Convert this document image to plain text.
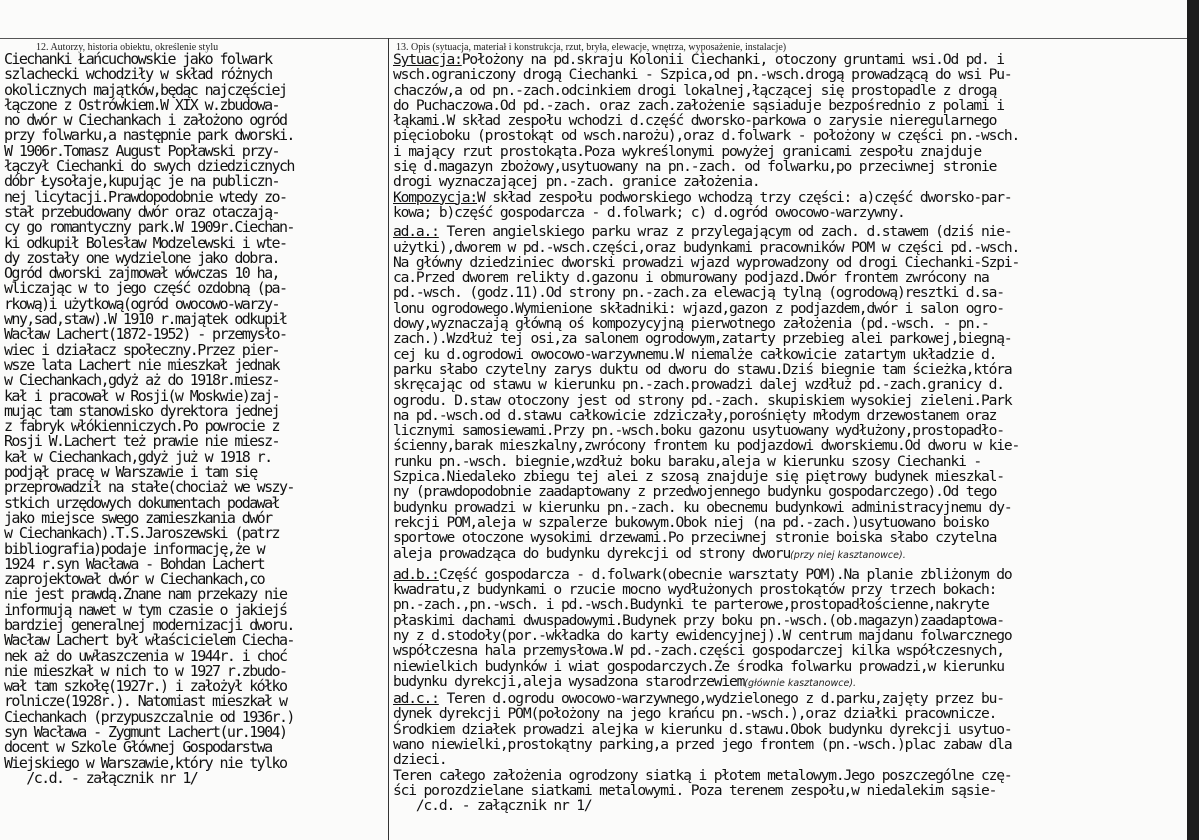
12. Autorzy, historia obiektu, określenie stylu	13. Opis (sytuacja, materiał i konstrukcja, rzut, bryła, elewacje, wnętrza, wyposażenie, instalacje)
Ciechanki Łańcuchowskie jako folwark
szlachecki wchodziły w skład różnych
okolicznych majątków,będąc najczęściej
łączone z Ostrówkiem.W XIX w.zbudowa-
no dwór w Ciechankach i założono ogród
przy folwarku,a następnie park dworski.
W 1906r.Tomasz August Popławski przy-
łączył Ciechanki do swych dziedzicznych
dóbr Łysołaje,kupując je na publiczn-
nej licytacji.Prawdopodobnie wtedy zo-
stał przebudowany dwór oraz otaczają-
cy go romantyczny park.W 1909r.Ciechan-
ki odkupił Bolesław Modzelewski i wte-
dy zostały one wydzielone jako dobra.
Ogród dworski zajmował wówczas 10 ha,
wliczając w to jego część ozdobną (pa-
rkową)i użytkową(ogród owocowo-warzy-
wny,sad,staw).W 1910 r.majątek odkupił
Wacław Lachert(1872-1952) - przemysło-
wiec i działacz społeczny.Przez pier-
wsze lata Lachert nie mieszkał jednak
w Ciechankach,gdyż aż do 1918r.miesz-
kał i pracował w Rosji(w Moskwie)zaj-
mując tam stanowisko dyrektora jednej
z fabryk włókienniczych.Po powrocie z
Rosji W.Lachert też prawie nie miesz-
kał w Ciechankach,gdyż już w 1918 r.
podjął pracę w Warszawie i tam się
przeprowadził na stałe(chociaż we wszy-
stkich urzędowych dokumentach podawał
jako miejsce swego zamieszkania dwór
w Ciechankach).T.S.Jaroszewski (patrz
bibliografia)podaje informację,że w
1924 r.syn Wacława - Bohdan Lachert
zaprojektował dwór w Ciechankach,co
nie jest prawdą.Znane nam przekazy nie
informują nawet w tym czasie o jakiejś
bardziej generalnej modernizacji dworu.
Wacław Lachert był właścicielem Ciecha-
nek aż do uwłaszczenia w 1944r. i choć
nie mieszkał w nich to w 1927 r.zbudo-
wał tam szkołę(1927r.) i założył kółko
rolnicze(1928r.). Natomiast mieszkał w
Ciechankach (przypuszczalnie od 1936r.)
syn Wacława - Zygmunt Lachert(ur.1904)
docent w Szkole Głównej Gospodarstwa
Wiejskiego w Warszawie,który nie tylko
/c.d. - załącznik nr 1/
Sytuacja:Położony na pd.skraju Kolonii Ciechanki, otoczony gruntami wsi.Od pd. i
wsch.ograniczony drogą Ciechanki - Szpica,od pn.-wsch.drogą prowadzącą do wsi Pu-
chaczów,a od pn.-zach.odcinkiem drogi lokalnej,łączącej się prostopadle z drogą
do Puchaczowa.Od pd.-zach. oraz zach.założenie sąsiaduje bezpośrednio z polami i
łąkami.W skład zespołu wchodzi d.część dworsko-parkowa o zarysie nieregularnego
pięcioboku (prostokąt od wsch.narożu),oraz d.folwark - położony w części pn.-wsch.
i mający rzut prostokąta.Poza wykreślonymi powyżej granicami zespołu znajduje
się d.magazyn zbożowy,usytuowany na pn.-zach. od folwarku,po przeciwnej stronie
drogi wyznaczającej pn.-zach. granice założenia.
Kompozycja:W skład zespołu podworskiego wchodzą trzy części: a)część dworsko-par-
kowa; b)część gospodarcza - d.folwark; c) d.ogród owocowo-warzywny.
ad.a.: Teren angielskiego parku wraz z przylegającym od zach. d.stawem (dziś nie-
użytki),dworem w pd.-wsch.części,oraz budynkami pracowników POM w części pd.-wsch.
Na główny dziedziniec dworski prowadzi wjazd wyprowadzony od drogi Ciechanki-Szpi-
ca.Przed dworem relikty d.gazonu i obmurowany podjazd.Dwór frontem zwrócony na
pd.-wsch. (godz.11).Od strony pn.-zach.za elewacją tylną (ogrodową)resztki d.sa-
lonu ogrodowego.Wymienione składniki: wjazd,gazon z podjazdem,dwór i salon ogro-
dowy,wyznaczają główną oś kompozycyjną pierwotnego założenia (pd.-wsch. - pn.-
zach.).Wzdłuż tej osi,za salonem ogrodowym,zatarty przebieg alei parkowej,biegną-
cej ku d.ogrodowi owocowo-warzywnemu.W niemalże całkowicie zatartym układzie d.
parku słabo czytelny zarys duktu od dworu do stawu.Dziś biegnie tam ścieżka,która
skręcając od stawu w kierunku pn.-zach.prowadzi dalej wzdłuż pd.-zach.granicy d.
ogrodu. D.staw otoczony jest od strony pd.-zach. skupiskiem wysokiej zieleni.Park
na pd.-wsch.od d.stawu całkowicie zdziczały,porośnięty młodym drzewostanem oraz
licznymi samosiewami.Przy pn.-wsch.boku gazonu usytuowany wydłużony,prostopadło-
ścienny,barak mieszkalny,zwrócony frontem ku podjazdowi dworskiemu.Od dworu w kie-
runku pn.-wsch. biegnie,wzdłuż boku baraku,aleja w kierunku szosy Ciechanki -
Szpica.Niedaleko zbiegu tej alei z szosą znajduje się piętrowy budynek mieszkal-
ny (prawdopodobnie zaadaptowany z przedwojennego budynku gospodarczego).Od tego
budynku prowadzi w kierunku pn.-zach. ku obecnemu budynkowi administracyjnemu dy-
rekcji POM,aleja w szpalerze bukowym.Obok niej (na pd.-zach.)usytuowano boisko
sportowe otoczone wysokimi drzewami.Po przeciwnej stronie boiska słabo czytelna
aleja prowadząca do budynku dyrekcji od strony dworu(przy niej kasztanowce).
ad.b.:Część gospodarcza - d.folwark(obecnie warsztaty POM).Na planie zbliżonym do
kwadratu,z budynkami o rzucie mocno wydłużonych prostokątów przy trzech bokach:
pn.-zach.,pn.-wsch. i pd.-wsch.Budynki te parterowe,prostopadłościenne,nakryte
płaskimi dachami dwuspadowymi.Budynek przy boku pn.-wsch.(ob.magazyn)zaadaptowa-
ny z d.stodoły(por.-wkładka do karty ewidencyjnej).W centrum majdanu folwarcznego
współczesna hala przemysłowa.W pd.-zach.części gospodarczej kilka współczesnych,
niewielkich budynków i wiat gospodarczych.Ze środka folwarku prowadzi,w kierunku
budynku dyrekcji,aleja wysadzona starodrzewiem(głównie kasztanowce).
ad.c.: Teren d.ogrodu owocowo-warzywnego,wydzielonego z d.parku,zajęty przez bu-
dynek dyrekcji POM(położony na jego krańcu pn.-wsch.),oraz działki pracownicze.
Środkiem działek prowadzi alejka w kierunku d.stawu.Obok budynku dyrekcji usytuo-
wano niewielki,prostokątny parking,a przed jego frontem (pn.-wsch.)plac zabaw dla
dzieci.
Teren całego założenia ogrodzony siatką i płotem metalowym.Jego poszczególne czę-
ści porozdzielane siatkami metalowymi. Poza terenem zespołu,w niedalekim sąsie-
/c.d. - załącznik nr 1/
